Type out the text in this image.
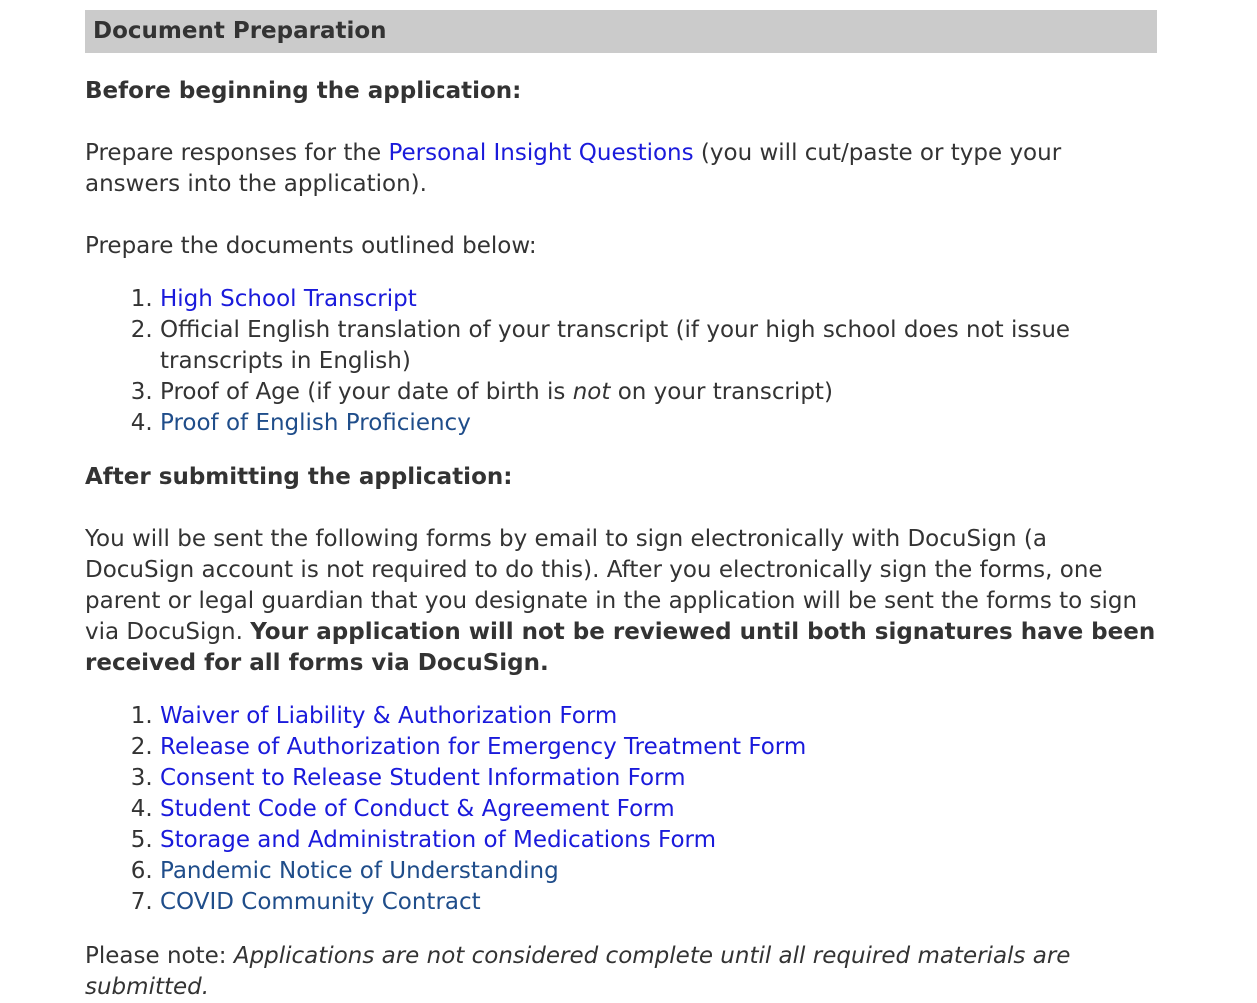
Document Preparation

Before beginning the application:

Prepare responses for the Personal Insight Questions (you will cut/paste or type your answers into the application).

Prepare the documents outlined below:

1. High School Transcript
2. Official English translation of your transcript (if your high school does not issue transcripts in English)
3. Proof of Age (if your date of birth is not on your transcript)
4. Proof of English Proficiency

After submitting the application:

You will be sent the following forms by email to sign electronically with DocuSign (a DocuSign account is not required to do this). After you electronically sign the forms, one parent or legal guardian that you designate in the application will be sent the forms to sign via DocuSign. Your application will not be reviewed until both signatures have been received for all forms via DocuSign.

1. Waiver of Liability & Authorization Form
2. Release of Authorization for Emergency Treatment Form
3. Consent to Release Student Information Form
4. Student Code of Conduct & Agreement Form
5. Storage and Administration of Medications Form
6. Pandemic Notice of Understanding
7. COVID Community Contract

Please note: Applications are not considered complete until all required materials are submitted.
